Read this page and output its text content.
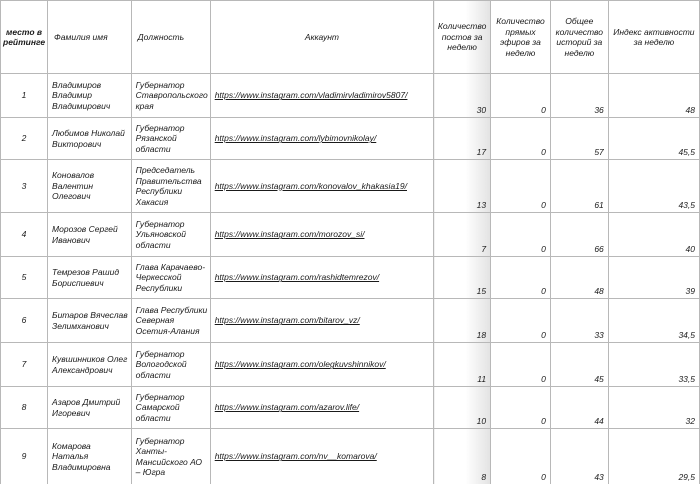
место в рейтинге	Фамилия имя	Должность	Аккаунт	Количество постов за неделю	Количество прямых эфиров за неделю	Общее количество историй за неделю	Индекс активности за неделю
1	Владимиров Владимир Владимирович	Губернатор Ставропольского края	https://www.instagram.com/vladimirvladimirov5807/	30	0	36	48
2	Любимов Николай Викторович	Губернатор Рязанской области	https://www.instagram.com/lybimovnikolay/	17	0	57	45,5
3	Коновалов Валентин Олегович	Председатель Правительства Республики Хакасия	https://www.instagram.com/konovalov_khakasia19/	13	0	61	43,5
4	Морозов Сергей Иванович	Губернатор Ульяновской области	https://www.instagram.com/morozov_si/	7	0	66	40
5	Темрезов Рашид Бориспиевич	Глава Карачаево-Черкесской Республики	https://www.instagram.com/rashidtemrezov/	15	0	48	39
6	Битаров Вячеслав Зелимханович	Глава Республики Северная Осетия-Алания	https://www.instagram.com/bitarov_vz/	18	0	33	34,5
7	Кувшинников Олег Александрович	Губернатор Вологодской области	https://www.instagram.com/olegkuvshinnikov/	11	0	45	33,5
8	Азаров Дмитрий Игоревич	Губернатор Самарской области	https://www.instagram.com/azarov.life/	10	0	44	32
9	Комарова Наталья Владимировна	Губернатор Ханты-Мансийского АО – Югра	https://www.instagram.com/nv__komarova/	8	0	43	29,5
